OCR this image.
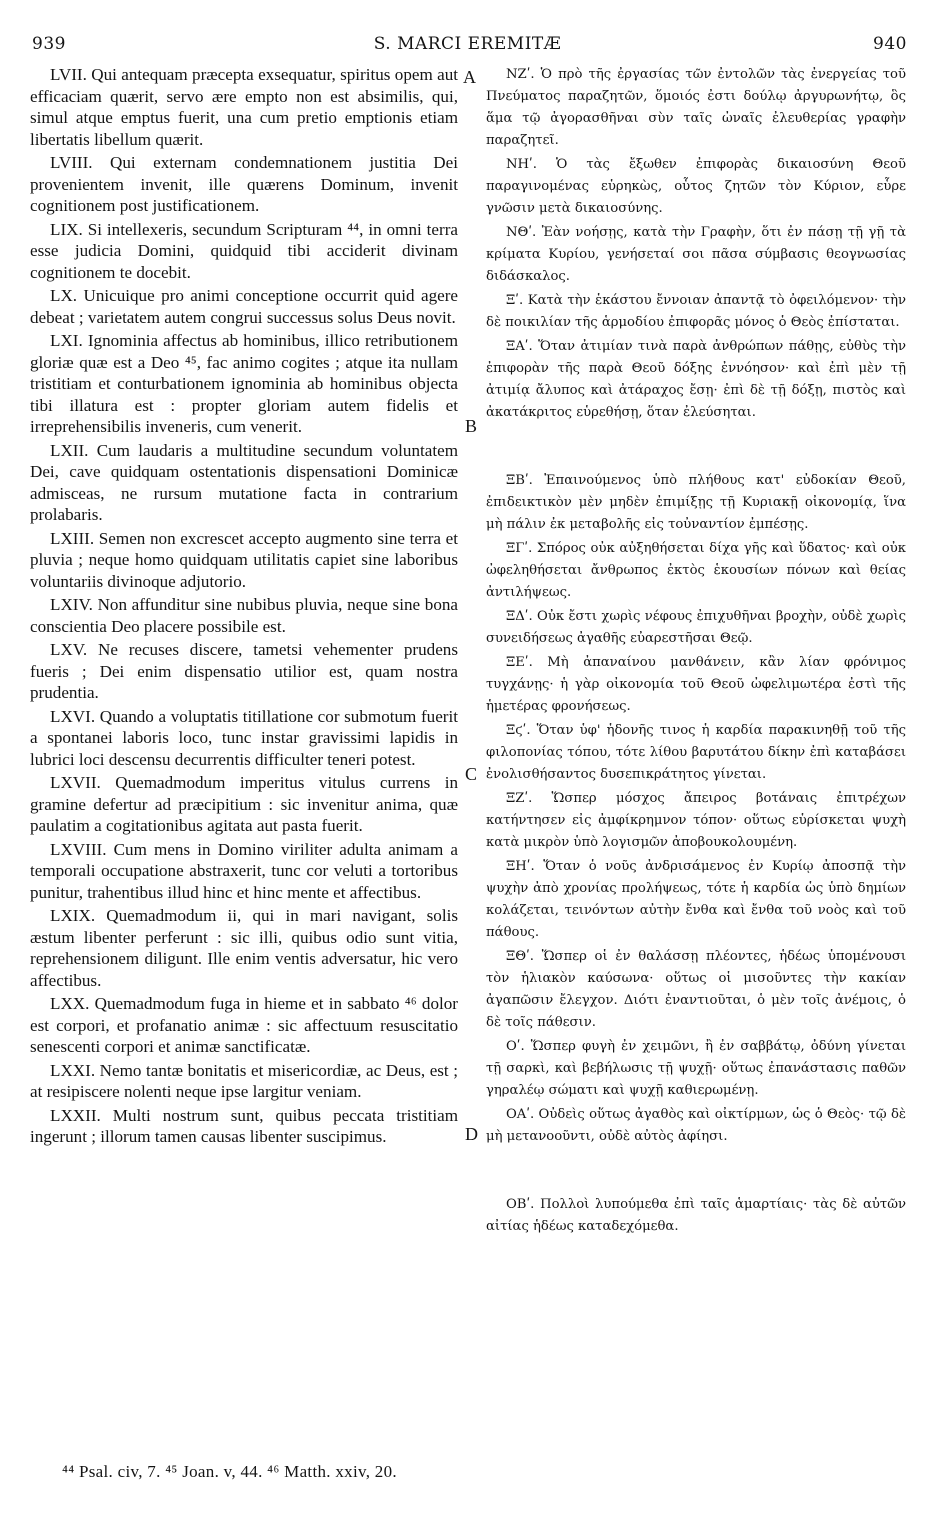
939	S. MARCI EREMITÆ	940

LVII. Qui antequam præcepta exsequatur, spiritus opem aut efficaciam quærit, servo ære empto non est absimilis, qui, simul atque emptus fuerit, una cum pretio emptionis etiam libertatis libellum quærit.

LVIII. Qui externam condemnationem justitia Dei provenientem invenit, ille quærens Dominum, invenit cognitionem post justificationem.

LIX. Si intellexeris, secundum Scripturam ⁴⁴, in omni terra esse judicia Domini, quidquid tibi acciderit divinam cognitionem te docebit.

LX. Unicuique pro animi conceptione occurrit quid agere debeat ; varietatem autem congrui successus solus Deus novit.

LXI. Ignominia affectus ab hominibus, illico retributionem gloriæ quæ est a Deo ⁴⁵, fac animo cogites ; atque ita nullam tristitiam et conturbationem ignominia ab hominibus objecta tibi illatura est : propter gloriam autem fidelis et irreprehensibilis inveneris, cum venerit.

LXII. Cum laudaris a multitudine secundum voluntatem Dei, cave quidquam ostentationis dispensationi Dominicæ admisceas, ne rursum mutatione facta in contrarium prolabaris.

LXIII. Semen non excrescet accepto augmento sine terra et pluvia ; neque homo quidquam utilitatis capiet sine laboribus voluntariis divinoque adjutorio.

LXIV. Non affunditur sine nubibus pluvia, neque sine bona conscientia Deo placere possibile est.

LXV. Ne recuses discere, tametsi vehementer prudens fueris ; Dei enim dispensatio utilior est, quam nostra prudentia.

LXVI. Quando a voluptatis titillatione cor submotum fuerit a spontanei laboris loco, tunc instar gravissimi lapidis in lubrici loci descensu decurrentis difficulter teneri potest.

LXVII. Quemadmodum imperitus vitulus currens in gramine defertur ad præcipitium : sic invenitur anima, quæ paulatim a cogitationibus agitata aut pasta fuerit.

LXVIII. Cum mens in Domino viriliter adulta animam a temporali occupatione abstraxerit, tunc cor veluti a tortoribus punitur, trahentibus illud hinc et hinc mente et affectibus.

LXIX. Quemadmodum ii, qui in mari navigant, solis æstum libenter perferunt : sic illi, quibus odio sunt vitia, reprehensionem diligunt. Ille enim ventis adversatur, hic vero affectibus.

LXX. Quemadmodum fuga in hieme et in sabbato ⁴⁶ dolor est corpori, et profanatio animæ : sic affectuum resuscitatio senescenti corpori et animæ sanctificatæ.

LXXI. Nemo tantæ bonitatis et misericordiæ, ac Deus, est ; at resipiscere nolenti neque ipse largitur veniam.

LXXII. Multi nostrum sunt, quibus peccata tristitiam ingerunt ; illorum tamen causas libenter suscipimus.

ΝΖʹ. Ὁ πρὸ τῆς ἐργασίας τῶν ἐντολῶν τὰς ἐνεργείας τοῦ Πνεύματος παραζητῶν, ὅμοιός ἐστι δούλῳ ἀργυρωνήτῳ, ὃς ἅμα τῷ ἀγορασθῆναι σὺν ταῖς ὠναῖς ἐλευθερίας γραφὴν παραζητεῖ.

ΝΗʹ. Ὁ τὰς ἔξωθεν ἐπιφορὰς δικαιοσύνη Θεοῦ παραγινομένας εὑρηκὼς, οὗτος ζητῶν τὸν Κύριον, εὗρε γνῶσιν μετὰ δικαιοσύνης.

ΝΘʹ. Ἐὰν νοήσῃς, κατὰ τὴν Γραφὴν, ὅτι ἐν πάσῃ τῇ γῇ τὰ κρίματα Κυρίου, γενήσεταί σοι πᾶσα σύμβασις θεογνωσίας διδάσκαλος.

Ξʹ. Κατὰ τὴν ἑκάστου ἔννοιαν ἀπαντᾷ τὸ ὀφειλόμενον· τὴν δὲ ποικιλίαν τῆς ἁρμοδίου ἐπιφορᾶς μόνος ὁ Θεὸς ἐπίσταται.

ΞΑʹ. Ὅταν ἀτιμίαν τινὰ παρὰ ἀνθρώπων πάθῃς, εὐθὺς τὴν ἐπιφορὰν τῆς παρὰ Θεοῦ δόξης ἐννόησον· καὶ ἐπὶ μὲν τῇ ἀτιμίᾳ ἄλυπος καὶ ἀτάραχος ἔσῃ· ἐπὶ δὲ τῇ δόξῃ, πιστὸς καὶ ἀκατάκριτος εὑρεθήσῃ, ὅταν ἐλεύσηται.

ΞΒʹ. Ἐπαινούμενος ὑπὸ πλήθους κατ' εὐδοκίαν Θεοῦ, ἐπιδεικτικὸν μὲν μηδὲν ἐπιμίξῃς τῇ Κυριακῇ οἰκονομίᾳ, ἵνα μὴ πάλιν ἐκ μεταβολῆς εἰς τοὐναντίον ἐμπέσῃς.

ΞΓʹ. Σπόρος οὐκ αὐξηθήσεται δίχα γῆς καὶ ὕδατος· καὶ οὐκ ὠφεληθήσεται ἄνθρωπος ἐκτὸς ἑκουσίων πόνων καὶ θείας ἀντιλήψεως.

ΞΔʹ. Οὐκ ἔστι χωρὶς νέφους ἐπιχυθῆναι βροχὴν, οὐδὲ χωρὶς συνειδήσεως ἀγαθῆς εὐαρεστῆσαι Θεῷ.

ΞΕʹ. Μὴ ἀπαναίνου μανθάνειν, κἂν λίαν φρόνιμος τυγχάνῃς· ἡ γὰρ οἰκονομία τοῦ Θεοῦ ὠφελιμωτέρα ἐστὶ τῆς ἡμετέρας φρονήσεως.

Ξϛʹ. Ὅταν ὑφ' ἡδονῆς τινος ἡ καρδία παρακινηθῇ τοῦ τῆς φιλοπονίας τόπου, τότε λίθου βαρυτάτου δίκην ἐπὶ καταβάσει ἐνολισθήσαντος δυσεπικράτητος γίνεται.

ΞΖʹ. Ὥσπερ μόσχος ἄπειρος βοτάναις ἐπιτρέχων κατήντησεν εἰς ἀμφίκρημνον τόπον· οὕτως εὑρίσκεται ψυχὴ κατὰ μικρὸν ὑπὸ λογισμῶν ἀποβουκολουμένη.

ΞΗʹ. Ὅταν ὁ νοῦς ἀνδρισάμενος ἐν Κυρίῳ ἀποσπᾷ τὴν ψυχὴν ἀπὸ χρονίας προλήψεως, τότε ἡ καρδία ὡς ὑπὸ δημίων κολάζεται, τεινόντων αὐτὴν ἔνθα καὶ ἔνθα τοῦ νοὸς καὶ τοῦ πάθους.

ΞΘʹ. Ὥσπερ οἱ ἐν θαλάσσῃ πλέοντες, ἡδέως ὑπομένουσι τὸν ἡλιακὸν καύσωνα· οὕτως οἱ μισοῦντες τὴν κακίαν ἀγαπῶσιν ἔλεγχον. Διότι ἐναντιοῦται, ὁ μὲν τοῖς ἀνέμοις, ὁ δὲ τοῖς πάθεσιν.

Οʹ. Ὥσπερ φυγὴ ἐν χειμῶνι, ἢ ἐν σαββάτῳ, ὀδύνη γίνεται τῇ σαρκὶ, καὶ βεβήλωσις τῇ ψυχῇ· οὕτως ἐπανάστασις παθῶν γηραλέῳ σώματι καὶ ψυχῇ καθιερωμένῃ.

ΟΑʹ. Οὐδεὶς οὕτως ἀγαθὸς καὶ οἰκτίρμων, ὡς ὁ Θεὸς· τῷ δὲ μὴ μετανοοῦντι, οὐδὲ αὐτὸς ἀφίησι.

ΟΒʹ. Πολλοὶ λυπούμεθα ἐπὶ ταῖς ἁμαρτίαις· τὰς δὲ αὐτῶν αἰτίας ἡδέως καταδεχόμεθα.

A
B
C
D
⁴⁴ Psal. civ, 7. ⁴⁵ Joan. v, 44. ⁴⁶ Matth. xxiv, 20.
